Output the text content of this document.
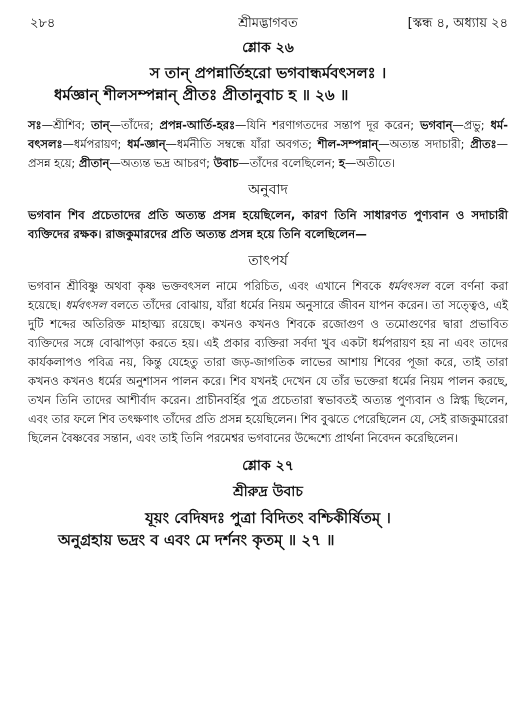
২৮৪	শ্রীমদ্ভাগবত	[স্কন্ধ ৪, অধ্যায় ২৪
শ্লোক ২৬
স তান্ প্রপন্নার্তিহরো ভগবান্ধর্মবৎসলঃ ।
ধর্মজ্ঞান্ শীলসম্পন্নান্ প্রীতঃ প্রীতানুবাচ হ ॥ ২৬ ॥
সঃ—শ্রীশিব; তান্—তাঁদের; প্রপন্ন-আর্তি-হরঃ—যিনি শরণাগতদের সন্তাপ দূর করেন; ভগবান্—প্রভু; ধর্ম-বৎসলঃ—ধর্মপরায়ণ; ধর্ম-জ্ঞান্—ধর্মনীতি সম্বন্ধে যাঁরা অবগত; শীল-সম্পন্নান্—অত্যন্ত সদাচারী; প্রীতঃ—প্রসন্ন হয়ে; প্রীতান্—অত্যন্ত ভদ্র আচরণ; উবাচ—তাঁদের বলেছিলেন; হ—অতীতে।
অনুবাদ
ভগবান শিব প্রচেতাদের প্রতি অত্যন্ত প্রসন্ন হয়েছিলেন, কারণ তিনি সাধারণত পুণ্যবান ও সদাচারী ব্যক্তিদের রক্ষক। রাজকুমারদের প্রতি অত্যন্ত প্রসন্ন হয়ে তিনি বলেছিলেন—
তাৎপর্য
ভগবান শ্রীবিষ্ণু অথবা কৃষ্ণ ভক্তবৎসল নামে পরিচিত, এবং এখানে শিবকে ধর্মবৎসল বলে বর্ণনা করা হয়েছে। ধর্মবৎসল বলতে তাঁদের বোঝায়, যাঁরা ধর্মের নিয়ম অনুসারে জীবন যাপন করেন। তা সত্ত্বেও, এই দুটি শব্দের অতিরিক্ত মাহাত্ম্য রয়েছে। কখনও কখনও শিবকে রজোগুণ ও তমোগুণের দ্বারা প্রভাবিত ব্যক্তিদের সঙ্গে বোঝাপড়া করতে হয়। এই প্রকার ব্যক্তিরা সর্বদা খুব একটা ধর্মপরায়ণ হয় না এবং তাদের কার্যকলাপও পবিত্র নয়, কিন্তু যেহেতু তারা জড়-জাগতিক লাভের আশায় শিবের পূজা করে, তাই তারা কখনও কখনও ধর্মের অনুশাসন পালন করে। শিব যখনই দেখেন যে তাঁর ভক্তেরা ধর্মের নিয়ম পালন করছে, তখন তিনি তাদের আশীর্বাদ করেন। প্রাচীনবর্হির পুত্র প্রচেতারা স্বভাবতই অত্যন্ত পুণ্যবান ও স্নিগ্ধ ছিলেন, এবং তার ফলে শিব তৎক্ষণাৎ তাঁদের প্রতি প্রসন্ন হয়েছিলেন। শিব বুঝতে পেরেছিলেন যে, সেই রাজকুমারেরা ছিলেন বৈষ্ণবের সন্তান, এবং তাই তিনি পরমেশ্বর ভগবানের উদ্দেশ্যে প্রার্থনা নিবেদন করেছিলেন।
শ্লোক ২৭
শ্রীরুদ্র উবাচ
যূয়ং বেদিষদঃ পুত্রা বিদিতং বশ্চিকীর্ষিতম্ ।
অনুগ্রহায় ভদ্রং ব এবং মে দর্শনং কৃতম্ ॥ ২৭ ॥
